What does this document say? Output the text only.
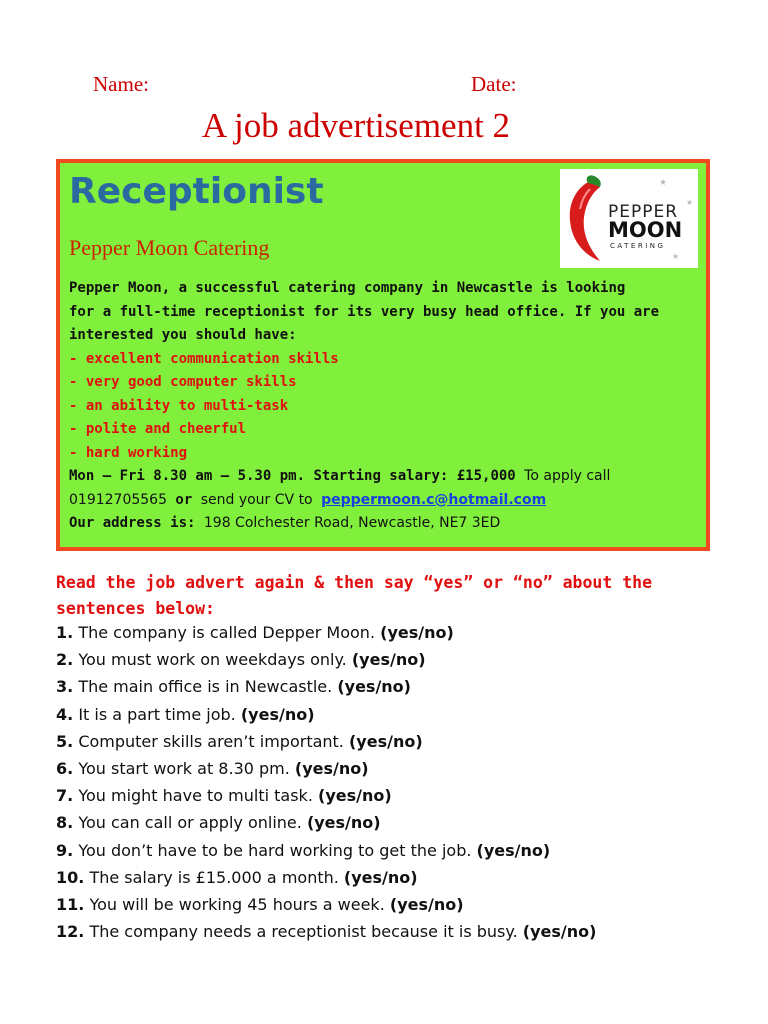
Name:	Date:
A job advertisement 2
Receptionist
Pepper Moon Catering
★
★
★
PEPPER
MOON
CATERING
Pepper Moon, a successful catering company in Newcastle is looking
for a full-time receptionist for its very busy head office. If you are
interested you should have:
- excellent communication skills
- very good computer skills
- an ability to multi-task
- polite and cheerful
- hard working
Mon – Fri 8.30 am – 5.30 pm. Starting salary: £15,000 To apply call
01912705565 or send your CV to peppermoon.c@hotmail.com
Our address is: 198 Colchester Road, Newcastle, NE7 3ED
Read the job advert again & then say “yes” or “no” about the sentences below:
1. The company is called Depper Moon. (yes/no)
2. You must work on weekdays only. (yes/no)
3. The main office is in Newcastle. (yes/no)
4. It is a part time job. (yes/no)
5. Computer skills aren’t important. (yes/no)
6. You start work at 8.30 pm. (yes/no)
7. You might have to multi task. (yes/no)
8. You can call or apply online. (yes/no)
9. You don’t have to be hard working to get the job. (yes/no)
10. The salary is £15.000 a month. (yes/no)
11. You will be working 45 hours a week. (yes/no)
12. The company needs a receptionist because it is busy. (yes/no)
